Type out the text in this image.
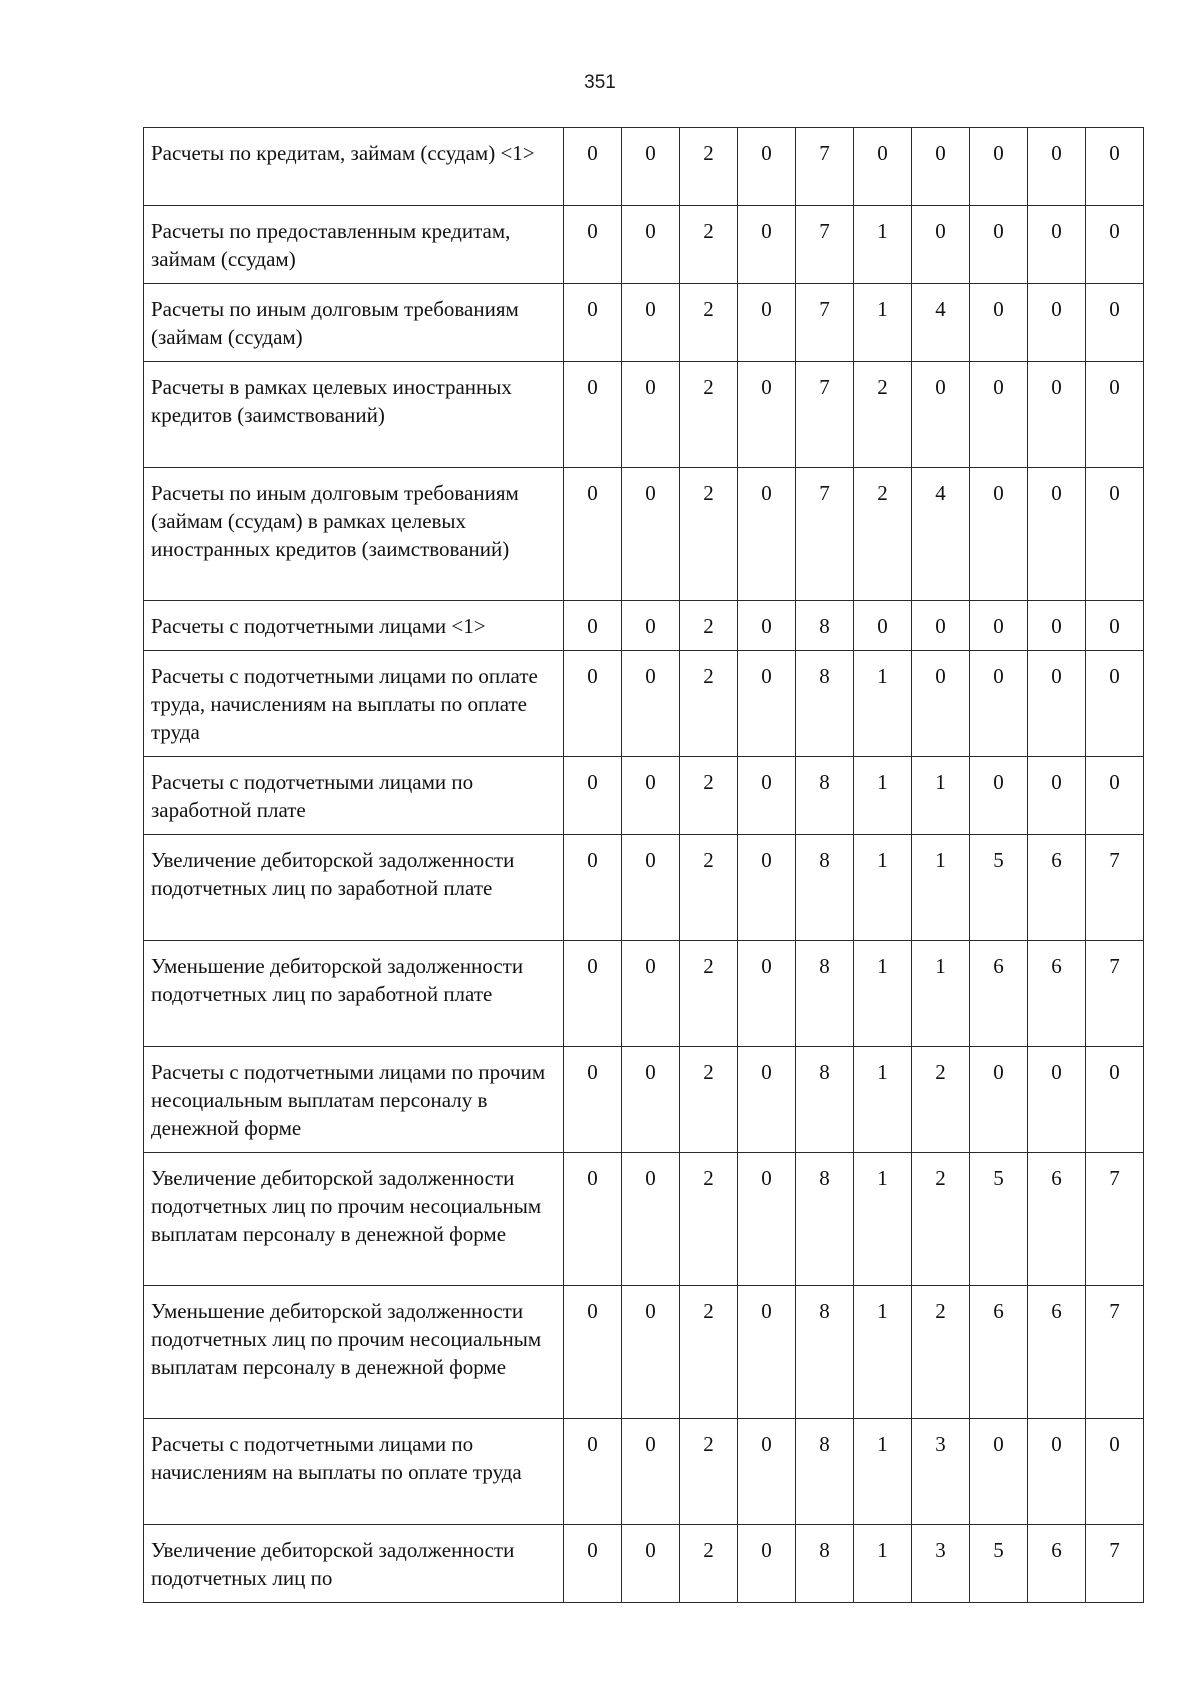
351
Расчеты по кредитам, займам (ссудам) <1>	0	0	2	0	7	0	0	0	0	0
Расчеты по предоставленным кредитам, займам (ссудам)	0	0	2	0	7	1	0	0	0	0
Расчеты по иным долговым требованиям (займам (ссудам)	0	0	2	0	7	1	4	0	0	0
Расчеты в рамках целевых иностранных кредитов (заимствований)	0	0	2	0	7	2	0	0	0	0
Расчеты по иным долговым требованиям (займам (ссудам) в рамках целевых иностранных кредитов (заимствований)	0	0	2	0	7	2	4	0	0	0
Расчеты с подотчетными лицами <1>	0	0	2	0	8	0	0	0	0	0
Расчеты с подотчетными лицами по оплате труда, начислениям на выплаты по оплате труда	0	0	2	0	8	1	0	0	0	0
Расчеты с подотчетными лицами по заработной плате	0	0	2	0	8	1	1	0	0	0
Увеличение дебиторской задолженности подотчетных лиц по заработной плате	0	0	2	0	8	1	1	5	6	7
Уменьшение дебиторской задолженности подотчетных лиц по заработной плате	0	0	2	0	8	1	1	6	6	7
Расчеты с подотчетными лицами по прочим несоциальным выплатам персоналу в денежной форме	0	0	2	0	8	1	2	0	0	0
Увеличение дебиторской задолженности подотчетных лиц по прочим несоциальным выплатам персоналу в денежной форме	0	0	2	0	8	1	2	5	6	7
Уменьшение дебиторской задолженности подотчетных лиц по прочим несоциальным выплатам персоналу в денежной форме	0	0	2	0	8	1	2	6	6	7
Расчеты с подотчетными лицами по начислениям на выплаты по оплате труда	0	0	2	0	8	1	3	0	0	0
Увеличение дебиторской задолженности подотчетных лиц по	0	0	2	0	8	1	3	5	6	7
